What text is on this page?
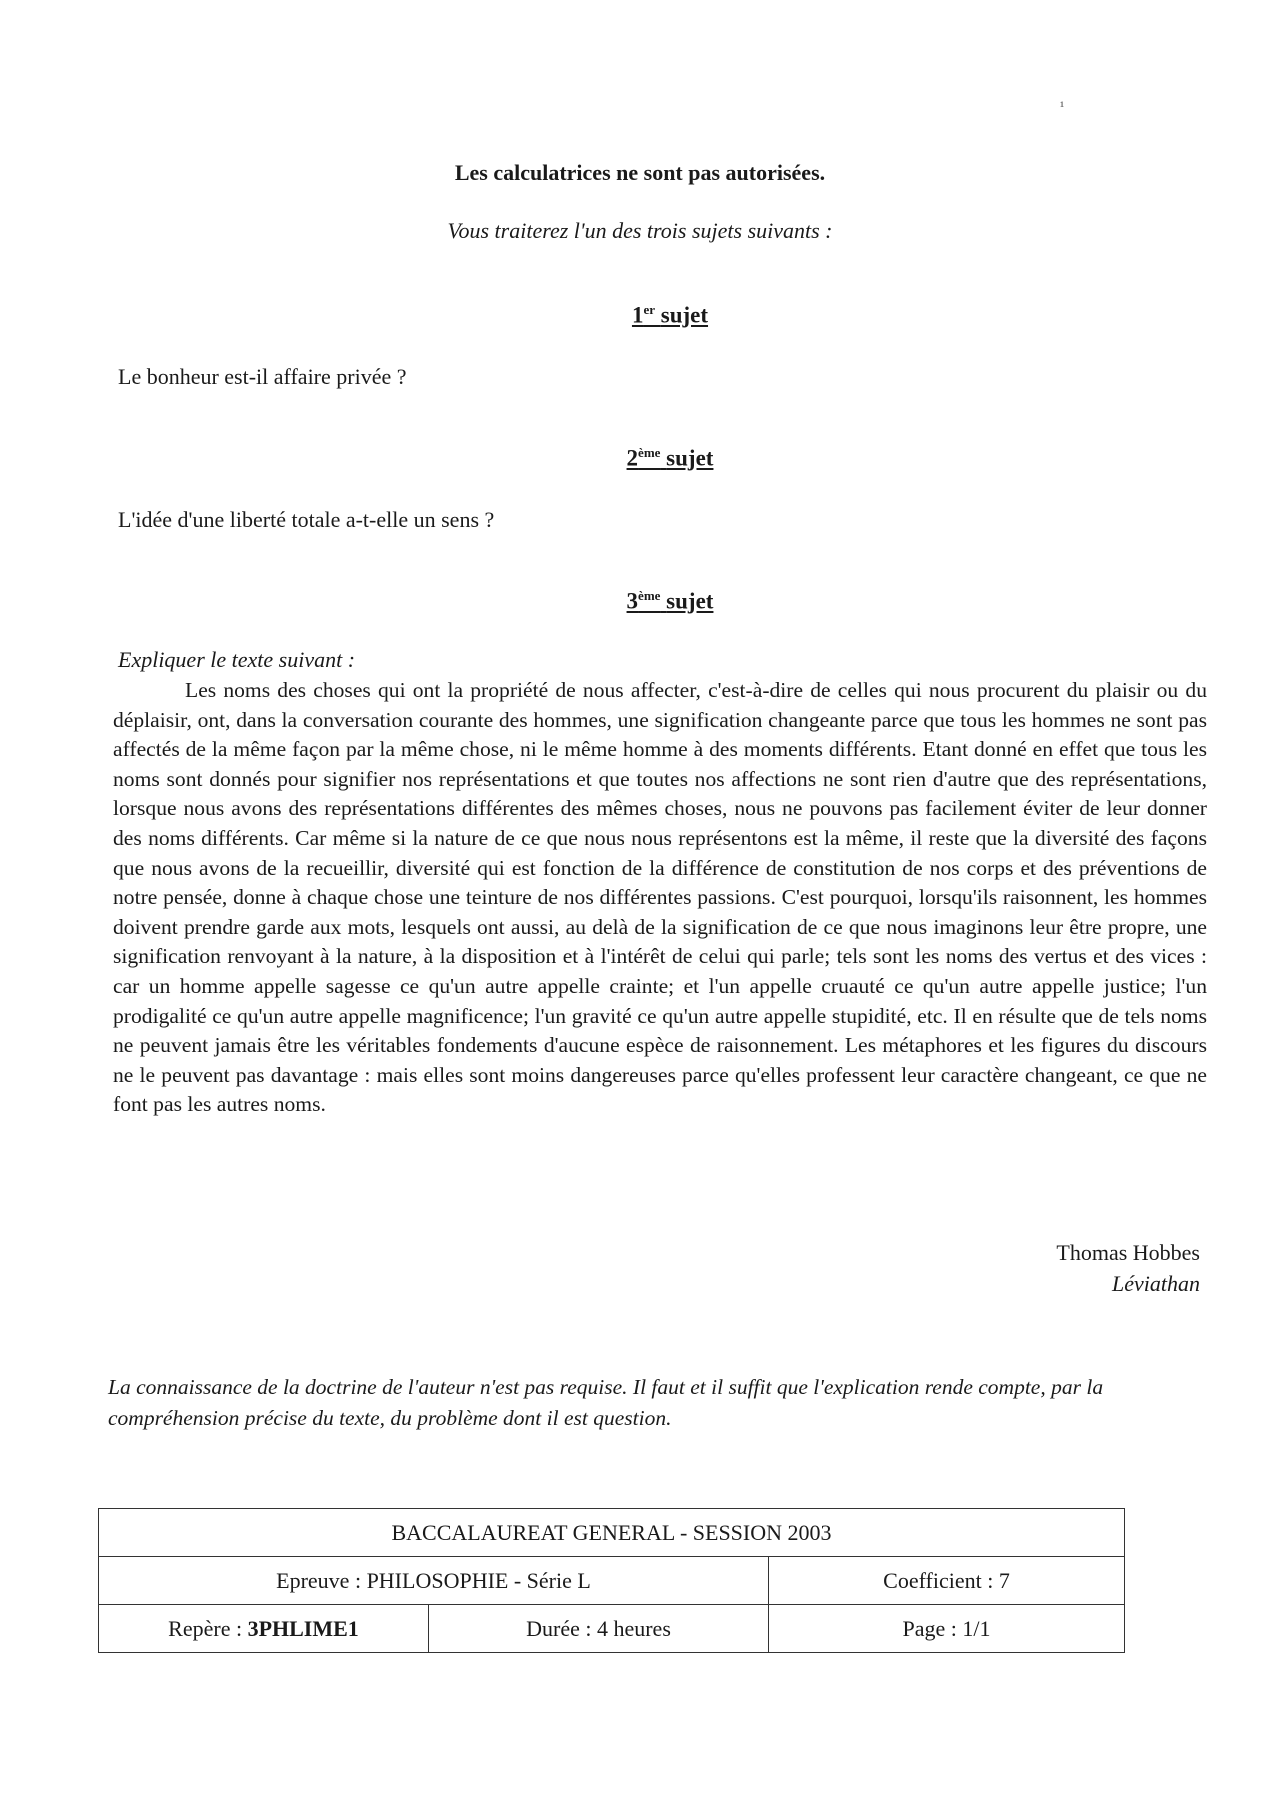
¹
Les calculatrices ne sont pas autorisées.
Vous traiterez l'un des trois sujets suivants :
1er sujet
Le bonheur est-il affaire privée ?
2ème sujet
L'idée d'une liberté totale a-t-elle un sens ?
3ème sujet
Expliquer le texte suivant :

Les noms des choses qui ont la propriété de nous affecter, c'est-à-dire de celles qui nous procurent du plaisir ou du déplaisir, ont, dans la conversation courante des hommes, une signification changeante parce que tous les hommes ne sont pas affectés de la même façon par la même chose, ni le même homme à des moments différents. Etant donné en effet que tous les noms sont donnés pour signifier nos représentations et que toutes nos affections ne sont rien d'autre que des représentations, lorsque nous avons des représentations différentes des mêmes choses, nous ne pouvons pas facilement éviter de leur donner des noms différents. Car même si la nature de ce que nous nous représentons est la même, il reste que la diversité des façons que nous avons de la recueillir, diversité qui est fonction de la différence de constitution de nos corps et des préventions de notre pensée, donne à chaque chose une teinture de nos différentes passions. C'est pourquoi, lorsqu'ils raisonnent, les hommes doivent prendre garde aux mots, lesquels ont aussi, au delà de la signification de ce que nous imaginons leur être propre, une signification renvoyant à la nature, à la disposition et à l'intérêt de celui qui parle; tels sont les noms des vertus et des vices : car un homme appelle sagesse ce qu'un autre appelle crainte; et l'un appelle cruauté ce qu'un autre appelle justice; l'un prodigalité ce qu'un autre appelle magnificence; l'un gravité ce qu'un autre appelle stupidité, etc. Il en résulte que de tels noms ne peuvent jamais être les véritables fondements d'aucune espèce de raisonnement. Les métaphores et les figures du discours ne le peuvent pas davantage : mais elles sont moins dangereuses parce qu'elles professent leur caractère changeant, ce que ne font pas les autres noms.

Thomas Hobbes
Léviathan

La connaissance de la doctrine de l'auteur n'est pas requise. Il faut et il suffit que l'explication rende compte, par la compréhension précise du texte, du problème dont il est question.

BACCALAUREAT GENERAL - SESSION 2003		
Epreuve : PHILOSOPHIE - Série L		Coefficient : 7
Repère : 3PHLIME1	Durée : 4 heures	Page : 1/1
